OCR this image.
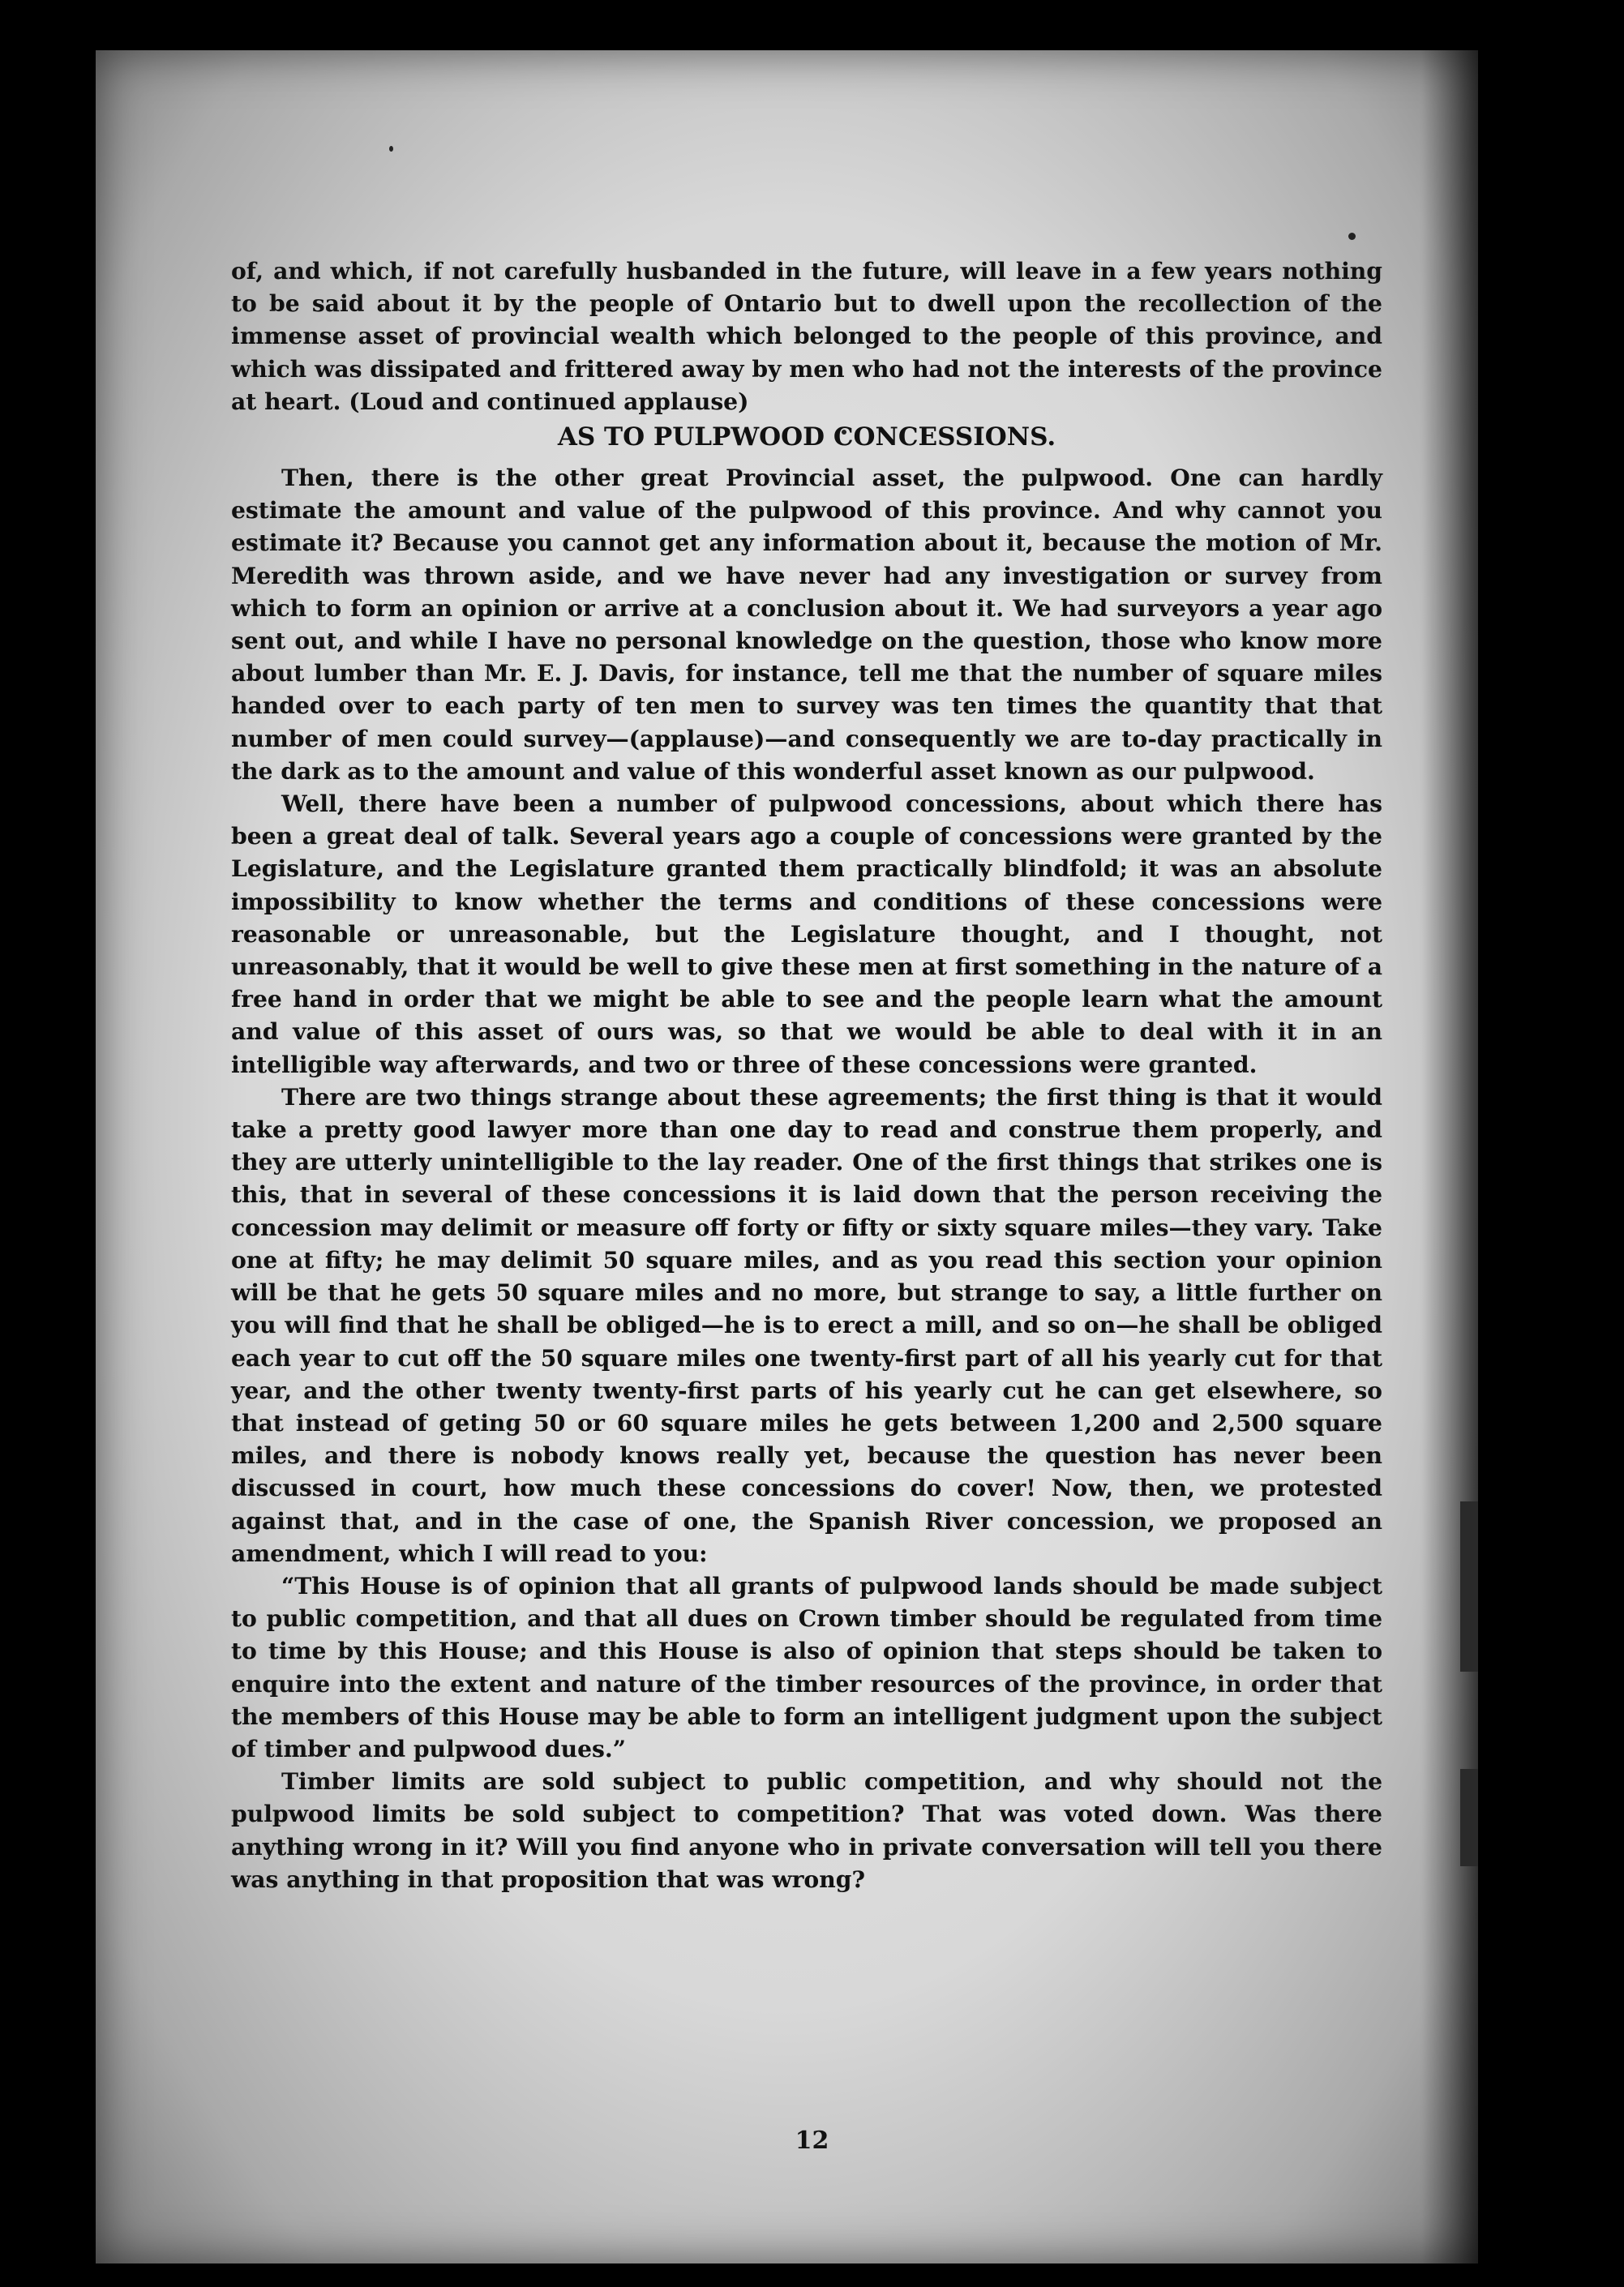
of, and which, if not carefully husbanded in the future, will leave in a few years nothing to be said about it by the people of Ontario but to dwell upon the recollection of the immense asset of provincial wealth which belonged to the people of this province, and which was dissipated and frittered away by men who had not the interests of the province at heart. (Loud and continued applause)

AS TO PULPWOOD CONCESSIONS.

Then, there is the other great Provincial asset, the pulpwood. One can hardly estimate the amount and value of the pulpwood of this province. And why cannot you estimate it? Because you cannot get any information about it, because the motion of Mr. Meredith was thrown aside, and we have never had any investigation or survey from which to form an opinion or arrive at a conclusion about it. We had surveyors a year ago sent out, and while I have no personal knowledge on the question, those who know more about lumber than Mr. E. J. Davis, for instance, tell me that the number of square miles handed over to each party of ten men to survey was ten times the quantity that that number of men could survey—(applause)—and consequently we are to-day practically in the dark as to the amount and value of this wonderful asset known as our pulpwood.

Well, there have been a number of pulpwood concessions, about which there has been a great deal of talk. Several years ago a couple of concessions were granted by the Legislature, and the Legislature granted them practically blindfold; it was an absolute impossibility to know whether the terms and conditions of these concessions were reasonable or unreasonable, but the Legislature thought, and I thought, not unreasonably, that it would be well to give these men at first something in the nature of a free hand in order that we might be able to see and the people learn what the amount and value of this asset of ours was, so that we would be able to deal with it in an intelligible way afterwards, and two or three of these concessions were granted.

There are two things strange about these agreements; the first thing is that it would take a pretty good lawyer more than one day to read and construe them properly, and they are utterly unintelligible to the lay reader. One of the first things that strikes one is this, that in several of these concessions it is laid down that the person receiving the concession may delimit or measure off forty or fifty or sixty square miles—they vary. Take one at fifty; he may delimit 50 square miles, and as you read this section your opinion will be that he gets 50 square miles and no more, but strange to say, a little further on you will find that he shall be obliged—he is to erect a mill, and so on—he shall be obliged each year to cut off the 50 square miles one twenty-first part of all his yearly cut for that year, and the other twenty twenty-first parts of his yearly cut he can get elsewhere, so that instead of geting 50 or 60 square miles he gets between 1,200 and 2,500 square miles, and there is nobody knows really yet, because the question has never been discussed in court, how much these concessions do cover! Now, then, we protested against that, and in the case of one, the Spanish River concession, we proposed an amendment, which I will read to you:

“This House is of opinion that all grants of pulpwood lands should be made subject to public competition, and that all dues on Crown timber should be regulated from time to time by this House; and this House is also of opinion that steps should be taken to enquire into the extent and nature of the timber resources of the province, in order that the members of this House may be able to form an intelligent judgment upon the subject of timber and pulpwood dues.”

Timber limits are sold subject to public competition, and why should not the pulpwood limits be sold subject to competition? That was voted down. Was there anything wrong in it? Will you find anyone who in private conversation will tell you there was anything in that proposition that was wrong?

12
